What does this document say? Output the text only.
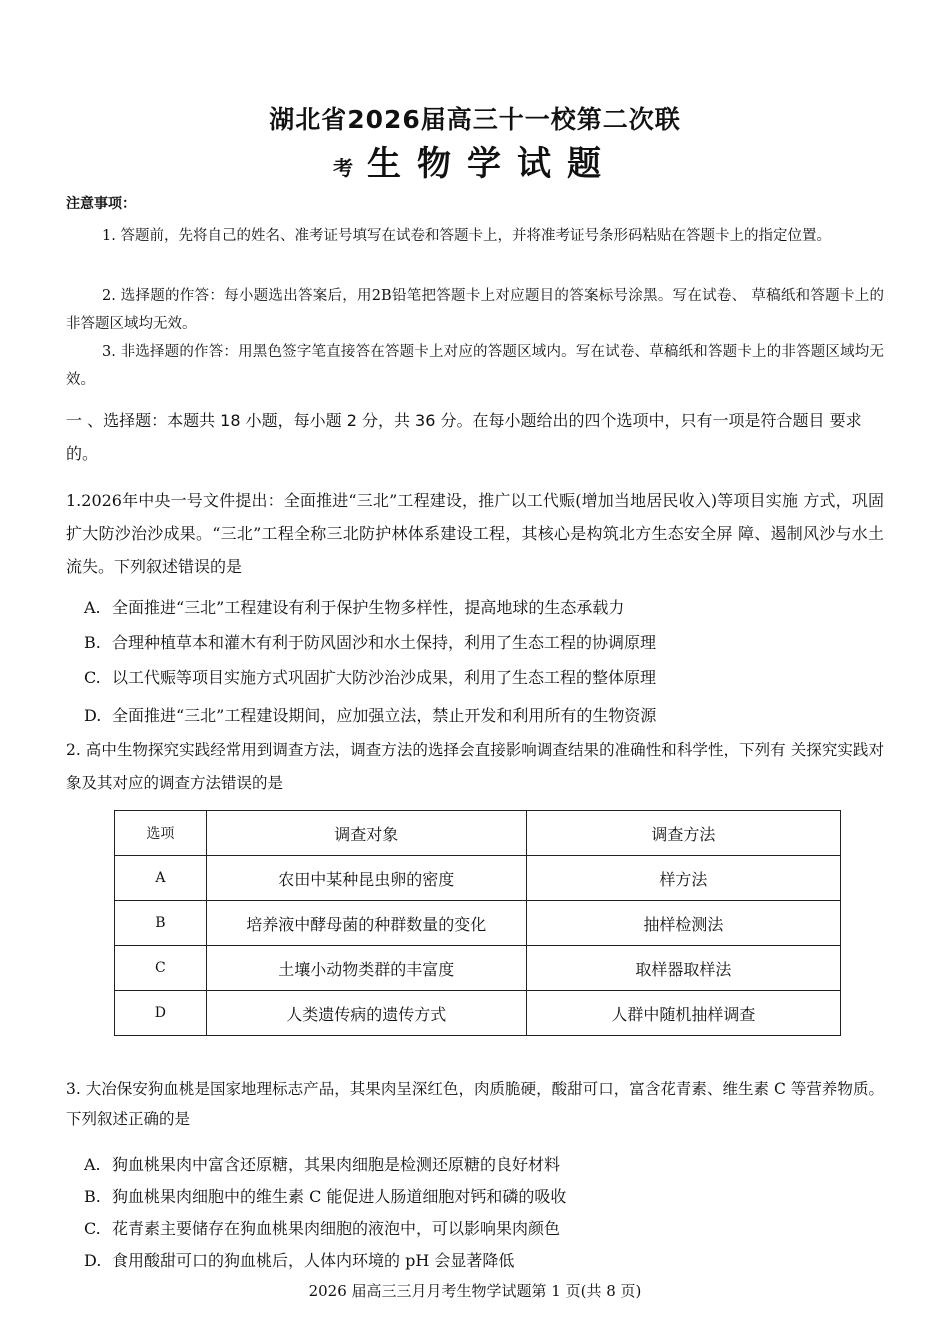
湖北省2026届高三十一校第二次联
考 生物学试题
注意事项：
1. 答题前，先将自己的姓名、准考证号填写在试卷和答题卡上，并将准考证号条形码粘贴在答题卡上的指定位置。
2. 选择题的作答：每小题选出答案后，用2B铅笔把答题卡上对应题目的答案标号涂黑。写在试卷、 草稿纸和答题卡上的非答题区域均无效。
3. 非选择题的作答：用黑色签字笔直接答在答题卡上对应的答题区域内。写在试卷、草稿纸和答题卡上的非答题区域均无效。
一 、选择题：本题共 18 小题，每小题 2 分，共 36 分。在每小题给出的四个选项中，只有一项是符合题目 要求的。
1.2026年中央一号文件提出：全面推进“三北”工程建设，推广以工代赈(增加当地居民收入)等项目实施 方式，巩固扩大防沙治沙成果。“三北”工程全称三北防护林体系建设工程，其核心是构筑北方生态安全屏 障、遏制风沙与水土流失。下列叙述错误的是
A. 全面推进“三北”工程建设有利于保护生物多样性，提高地球的生态承载力
B. 合理种植草本和灌木有利于防风固沙和水土保持，利用了生态工程的协调原理
C. 以工代赈等项目实施方式巩固扩大防沙治沙成果，利用了生态工程的整体原理
D. 全面推进“三北”工程建设期间，应加强立法，禁止开发和利用所有的生物资源
2. 高中生物探究实践经常用到调查方法，调查方法的选择会直接影响调查结果的准确性和科学性，下列有 关探究实践对象及其对应的调查方法错误的是
选项	调查对象	调查方法
A	农田中某种昆虫卵的密度	样方法
B	培养液中酵母菌的种群数量的变化	抽样检测法
C	土壤小动物类群的丰富度	取样器取样法
D	人类遗传病的遗传方式	人群中随机抽样调查
3. 大冶保安狗血桃是国家地理标志产品，其果肉呈深红色，肉质脆硬，酸甜可口，富含花青素、维生素 C 等营养物质。下列叙述正确的是
A. 狗血桃果肉中富含还原糖，其果肉细胞是检测还原糖的良好材料
B. 狗血桃果肉细胞中的维生素 C 能促进人肠道细胞对钙和磷的吸收
C. 花青素主要储存在狗血桃果肉细胞的液泡中，可以影响果肉颜色
D. 食用酸甜可口的狗血桃后，人体内环境的 pH 会显著降低
2026 届高三三月月考生物学试题第 1 页(共 8 页)
